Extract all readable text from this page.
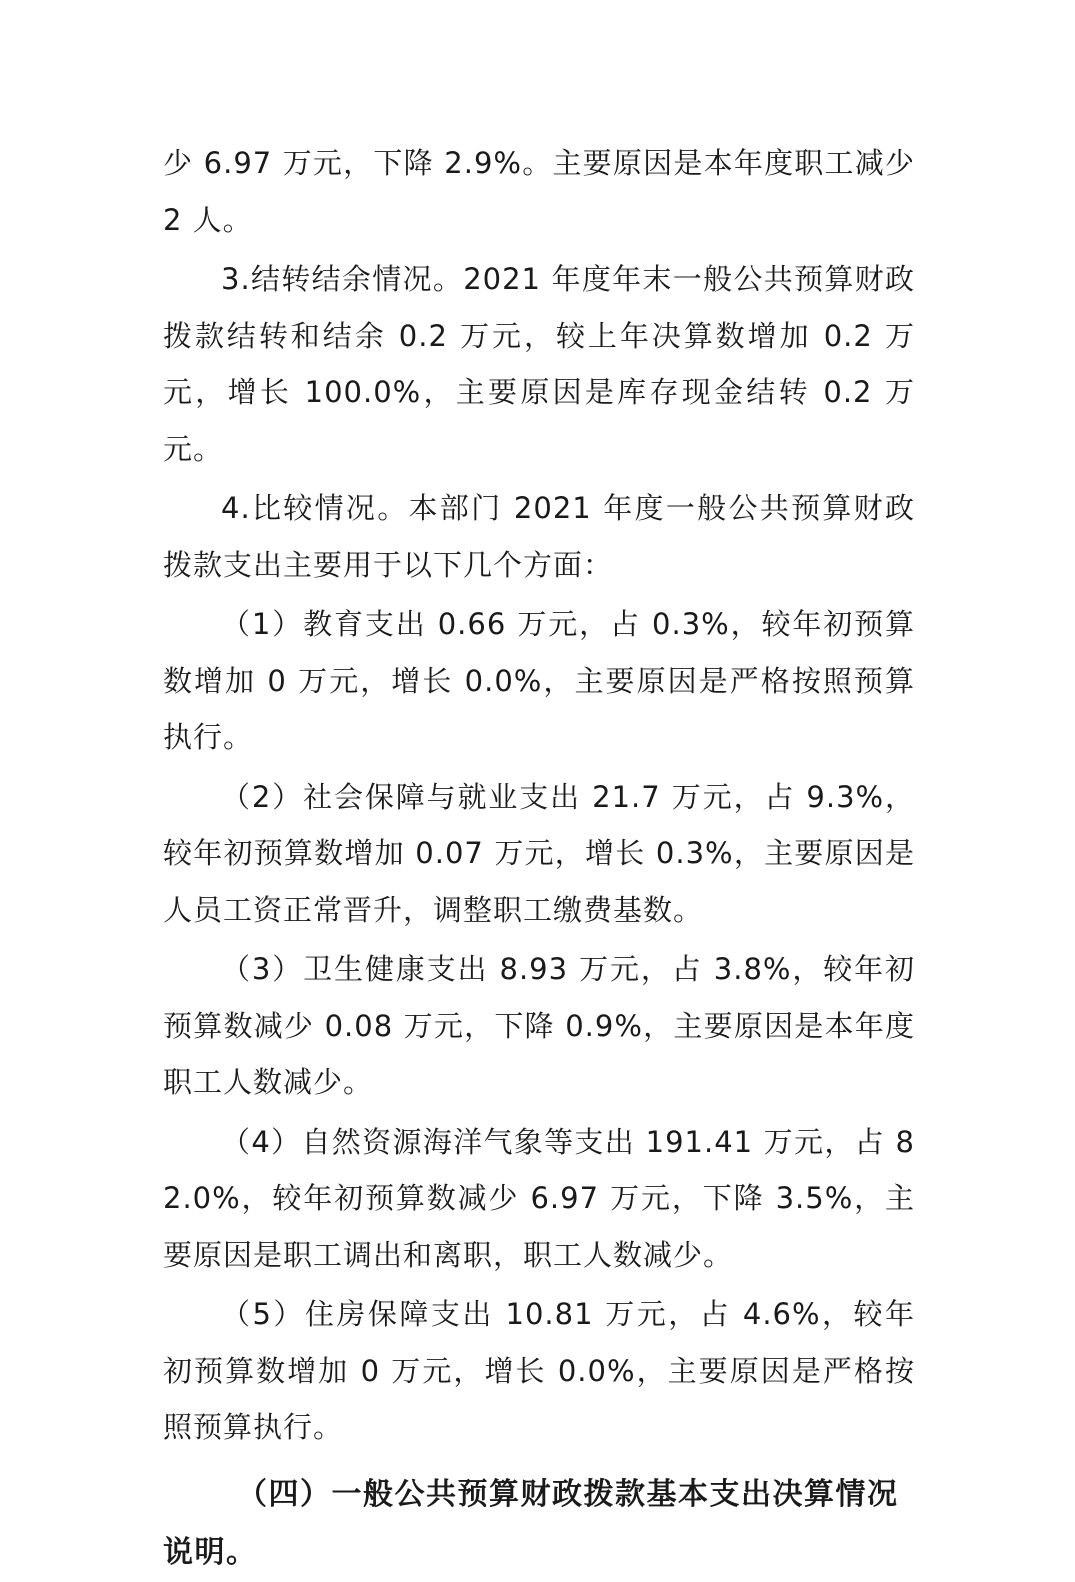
少 6.97 万元，下降 2.9%。主要原因是本年度职工减少 2 人。

3.结转结余情况。2021 年度年末一般公共预算财政拨款结转和结余 0.2 万元，较上年决算数增加 0.2 万元，增长 100.0%，主要原因是库存现金结转 0.2 万元。

4.比较情况。本部门 2021 年度一般公共预算财政拨款支出主要用于以下几个方面：

（1）教育支出 0.66 万元，占 0.3%，较年初预算数增加 0 万元，增长 0.0%，主要原因是严格按照预算执行。

（2）社会保障与就业支出 21.7 万元，占 9.3%，较年初预算数增加 0.07 万元，增长 0.3%，主要原因是人员工资正常晋升，调整职工缴费基数。

（3）卫生健康支出 8.93 万元，占 3.8%，较年初预算数减少 0.08 万元，下降 0.9%，主要原因是本年度职工人数减少。

（4）自然资源海洋气象等支出 191.41 万元，占 82.0%，较年初预算数减少 6.97 万元，下降 3.5%，主要原因是职工调出和离职，职工人数减少。

（5）住房保障支出 10.81 万元，占 4.6%，较年初预算数增加 0 万元，增长 0.0%，主要原因是严格按照预算执行。

（四）一般公共预算财政拨款基本支出决算情况说明。
